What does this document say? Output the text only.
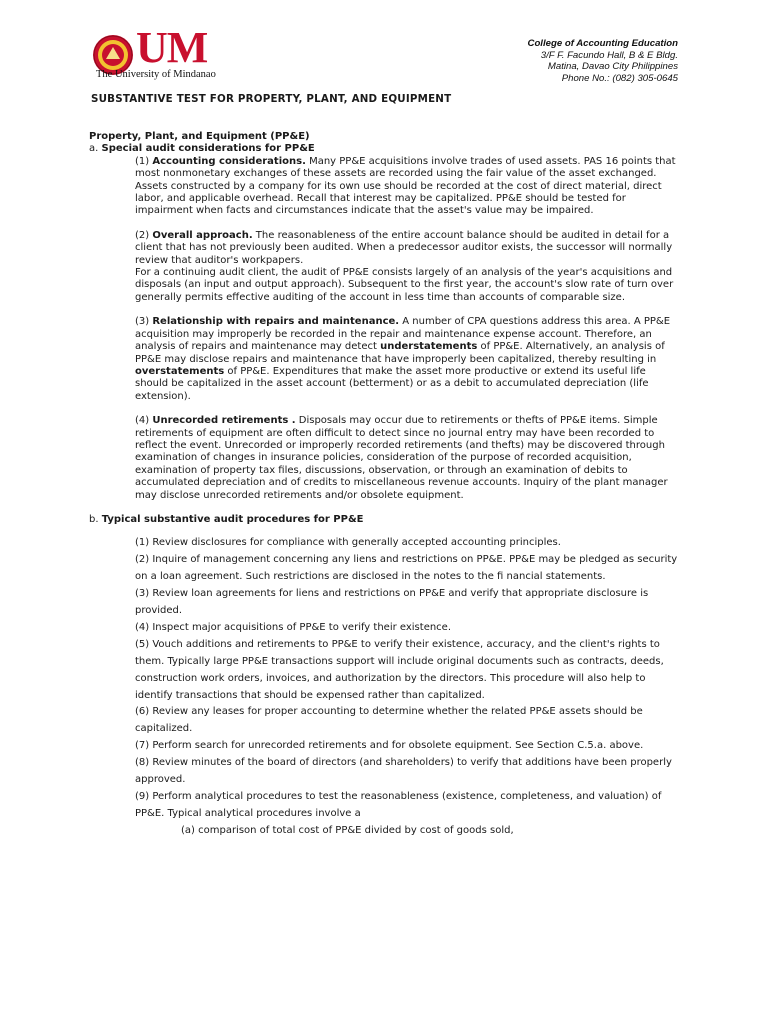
UM
The University of Mindanao
College of Accounting Education
3/F F. Facundo Hall, B & E Bldg.
Matina, Davao City Philippines
Phone No.: (082) 305-0645
SUBSTANTIVE TEST FOR PROPERTY, PLANT, AND EQUIPMENT

Property, Plant, and Equipment (PP&E)

a. Special audit considerations for PP&E

(1) Accounting considerations. Many PP&E acquisitions involve trades of used assets. PAS 16 points that most nonmonetary exchanges of these assets are recorded using the fair value of the asset exchanged. Assets constructed by a company for its own use should be recorded at the cost of direct material, direct labor, and applicable overhead. Recall that interest may be capitalized. PP&E should be tested for impairment when facts and circumstances indicate that the asset's value may be impaired.

(2) Overall approach. The reasonableness of the entire account balance should be audited in detail for a client that has not previously been audited. When a predecessor auditor exists, the successor will normally review that auditor's workpapers.

For a continuing audit client, the audit of PP&E consists largely of an analysis of the year's acquisitions and disposals (an input and output approach). Subsequent to the first year, the account's slow rate of turn over generally permits effective auditing of the account in less time than accounts of comparable size.

(3) Relationship with repairs and maintenance. A number of CPA questions address this area. A PP&E acquisition may improperly be recorded in the repair and maintenance expense account. Therefore, an analysis of repairs and maintenance may detect understatements of PP&E. Alternatively, an analysis of PP&E may disclose repairs and maintenance that have improperly been capitalized, thereby resulting in overstatements of PP&E. Expenditures that make the asset more productive or extend its useful life should be capitalized in the asset account (betterment) or as a debit to accumulated depreciation (life extension).

(4) Unrecorded retirements . Disposals may occur due to retirements or thefts of PP&E items. Simple retirements of equipment are often difficult to detect since no journal entry may have been recorded to reflect the event. Unrecorded or improperly recorded retirements (and thefts) may be discovered through examination of changes in insurance policies, consideration of the purpose of recorded acquisition, examination of property tax files, discussions, observation, or through an examination of debits to accumulated depreciation and of credits to miscellaneous revenue accounts. Inquiry of the plant manager may disclose unrecorded retirements and/or obsolete equipment.

b. Typical substantive audit procedures for PP&E

(1) Review disclosures for compliance with generally accepted accounting principles.

(2) Inquire of management concerning any liens and restrictions on PP&E. PP&E may be pledged as security on a loan agreement. Such restrictions are disclosed in the notes to the fi nancial statements.

(3) Review loan agreements for liens and restrictions on PP&E and verify that appropriate disclosure is provided.

(4) Inspect major acquisitions of PP&E to verify their existence.

(5) Vouch additions and retirements to PP&E to verify their existence, accuracy, and the client's rights to them. Typically large PP&E transactions support will include original documents such as contracts, deeds, construction work orders, invoices, and authorization by the directors. This procedure will also help to identify transactions that should be expensed rather than capitalized.

(6) Review any leases for proper accounting to determine whether the related PP&E assets should be capitalized.

(7) Perform search for unrecorded retirements and for obsolete equipment. See Section C.5.a. above.

(8) Review minutes of the board of directors (and shareholders) to verify that additions have been properly approved.

(9) Perform analytical procedures to test the reasonableness (existence, completeness, and valuation) of PP&E. Typical analytical procedures involve a

(a) comparison of total cost of PP&E divided by cost of goods sold,
